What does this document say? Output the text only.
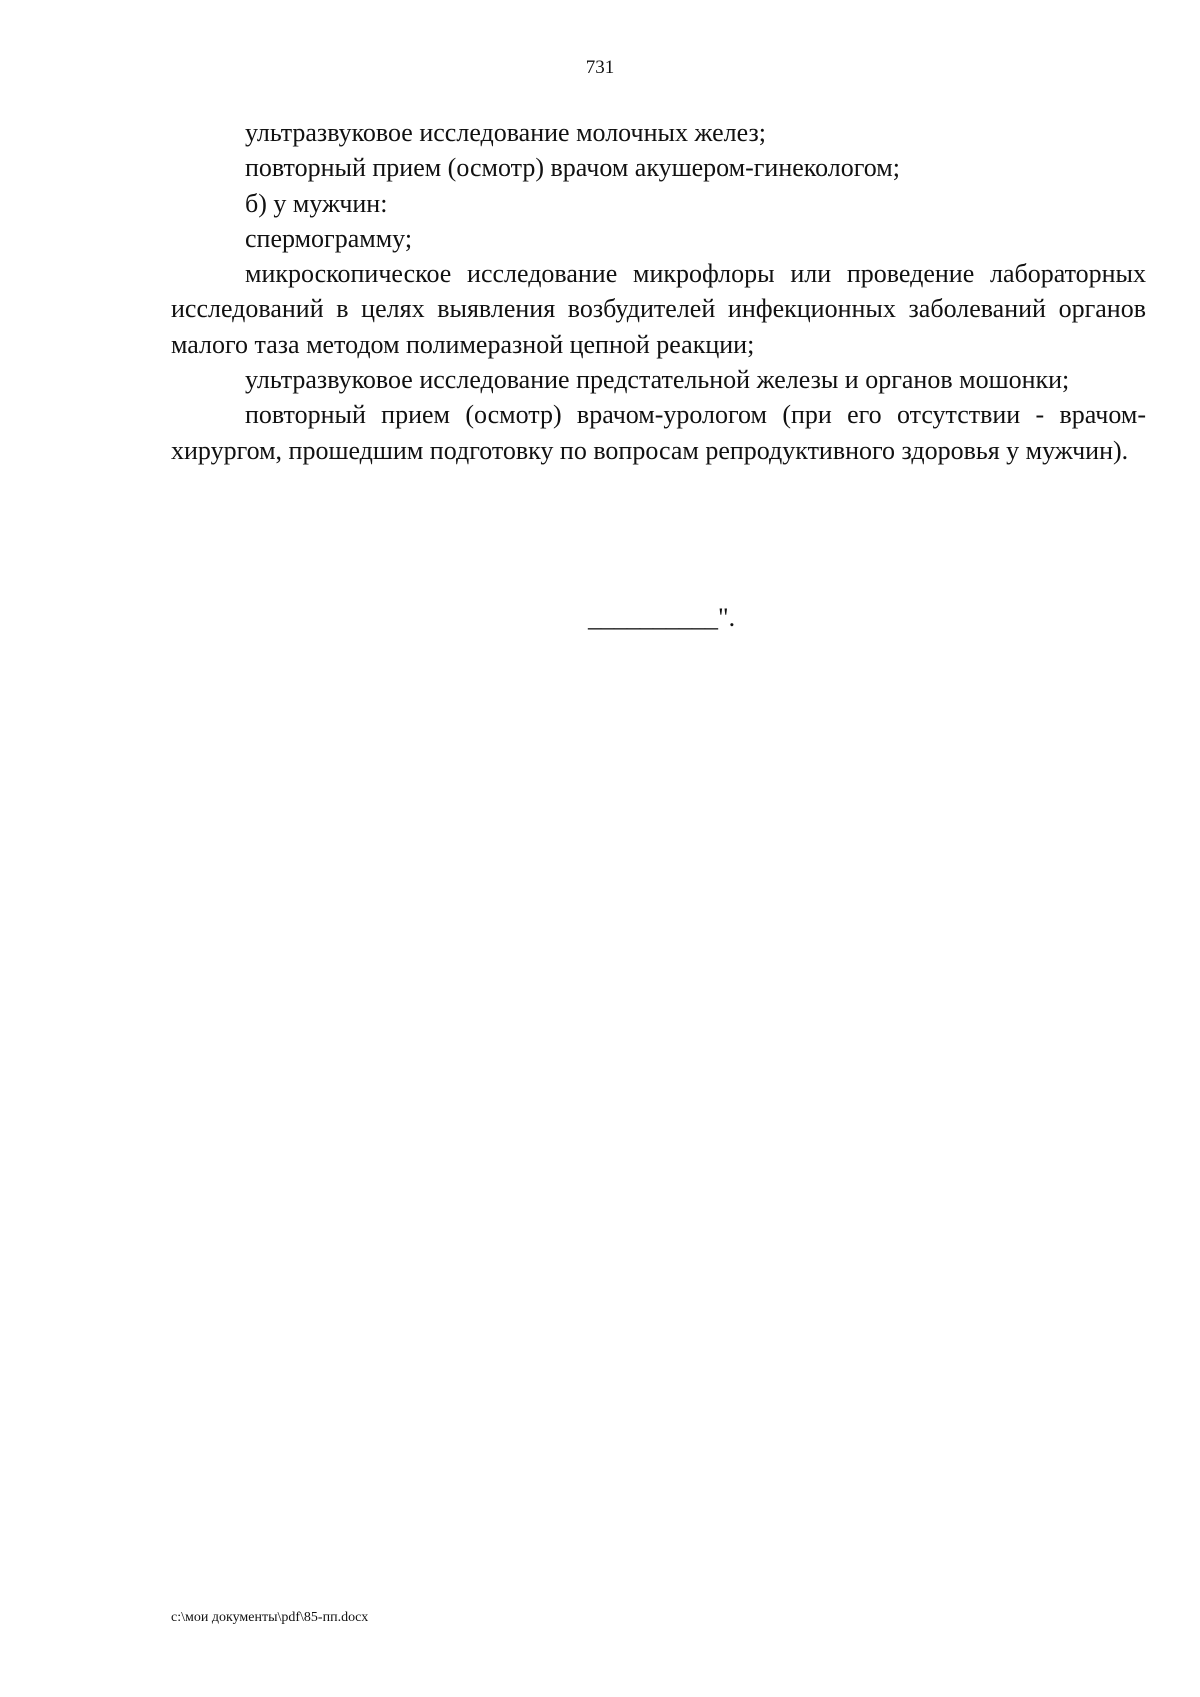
731

ультразвуковое исследование молочных желез;

повторный прием (осмотр) врачом акушером-гинекологом;

б) у мужчин:

спермограмму;

микроскопическое исследование микрофлоры или проведение лабораторных исследований в целях выявления возбудителей инфекционных заболеваний органов малого таза методом полимеразной цепной реакции;

ультразвуковое исследование предстательной железы и органов мошонки;

повторный прием (осмотр) врачом-урологом (при его отсутствии - врачом-хирургом, прошедшим подготовку по вопросам репродуктивного здоровья у мужчин).

__________".
c:\мои документы\pdf\85-пп.docx
